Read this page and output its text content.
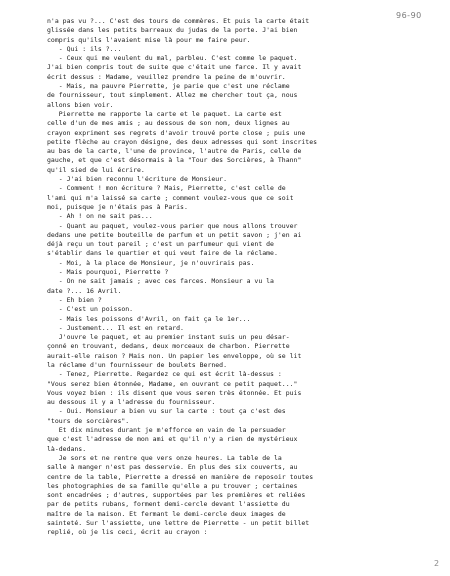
96-90
n'a pas vu ?... C'est des tours de commères. Et puis la carte était
glissée dans les petits barreaux du judas de la porte. J'ai bien
compris qu'ils l'avaient mise là pour me faire peur.
- Qui : ils ?...
- Ceux qui me veulent du mal, parbleu. C'est comme le paquet.
J'ai bien compris tout de suite que c'était une farce. Il y avait
écrit dessus : Madame, veuillez prendre la peine de m'ouvrir.
- Mais, ma pauvre Pierrette, je parie que c'est une réclame
de fournisseur, tout simplement. Allez me chercher tout ça, nous
allons bien voir.
Pierrette me rapporte la carte et le paquet. La carte est
celle d'un de mes amis ; au dessous de son nom, deux lignes au
crayon expriment ses regrets d'avoir trouvé porte close ; puis une
petite flèche au crayon désigne, des deux adresses qui sont inscrites
au bas de la carte, l'une de province, l'autre de Paris, celle de
gauche, et que c'est désormais à la "Tour des Sorcières, à Thann"
qu'il sied de lui écrire.
- J'ai bien reconnu l'écriture de Monsieur.
- Comment ! mon écriture ? Mais, Pierrette, c'est celle de
l'ami qui m'a laissé sa carte ; comment voulez-vous que ce soit
moi, puisque je n'étais pas à Paris.
- Ah ! on ne sait pas...
- Quant au paquet, voulez-vous parier que nous allons trouver
dedans une petite bouteille de parfum et un petit savon ; j'en ai
déjà reçu un tout pareil ; c'est un parfumeur qui vient de
s'établir dans le quartier et qui veut faire de la réclame.
- Moi, à la place de Monsieur, je n'ouvrirais pas.
- Mais pourquoi, Pierrette ?
- On ne sait jamais ; avec ces farces. Monsieur a vu la
date ?... 16 Avril.
- Eh bien ?
- C'est un poisson.
- Mais les poissons d'Avril, on fait ça le 1er...
- Justement... Il est en retard.
J'ouvre le paquet, et au premier instant suis un peu désar-
çonné en trouvant, dedans, deux morceaux de charbon. Pierrette
aurait-elle raison ? Mais non. Un papier les enveloppe, où se lit
la réclame d'un fournisseur de boulets Berned.
- Tenez, Pierrette. Regardez ce qui est écrit là-dessus :
"Vous serez bien étonnée, Madame, en ouvrant ce petit paquet..."
Vous voyez bien : ils disent que vous seren très étonnée. Et puis
au dessous il y a l'adresse du fournisseur.
- Oui. Monsieur a bien vu sur la carte : tout ça c'est des
"tours de sorcières".
Et dix minutes durant je m'efforce en vain de la persuader
que c'est l'adresse de mon ami et qu'il n'y a rien de mystérieux
là-dedans.
Je sors et ne rentre que vers onze heures. La table de la
salle à manger n'est pas desservie. En plus des six couverts, au
centre de la table, Pierrette a dressé en manière de reposoir toutes
les photographies de sa famille qu'elle a pu trouver ; certaines
sont encadrées ; d'autres, supportées par les premières et reliées
par de petits rubans, forment demi-cercle devant l'assiette du
maître de la maison. Et fermant le demi-cercle deux images de
sainteté. Sur l'assiette, une lettre de Pierrette - un petit billet
replié, où je lis ceci, écrit au crayon :
2
